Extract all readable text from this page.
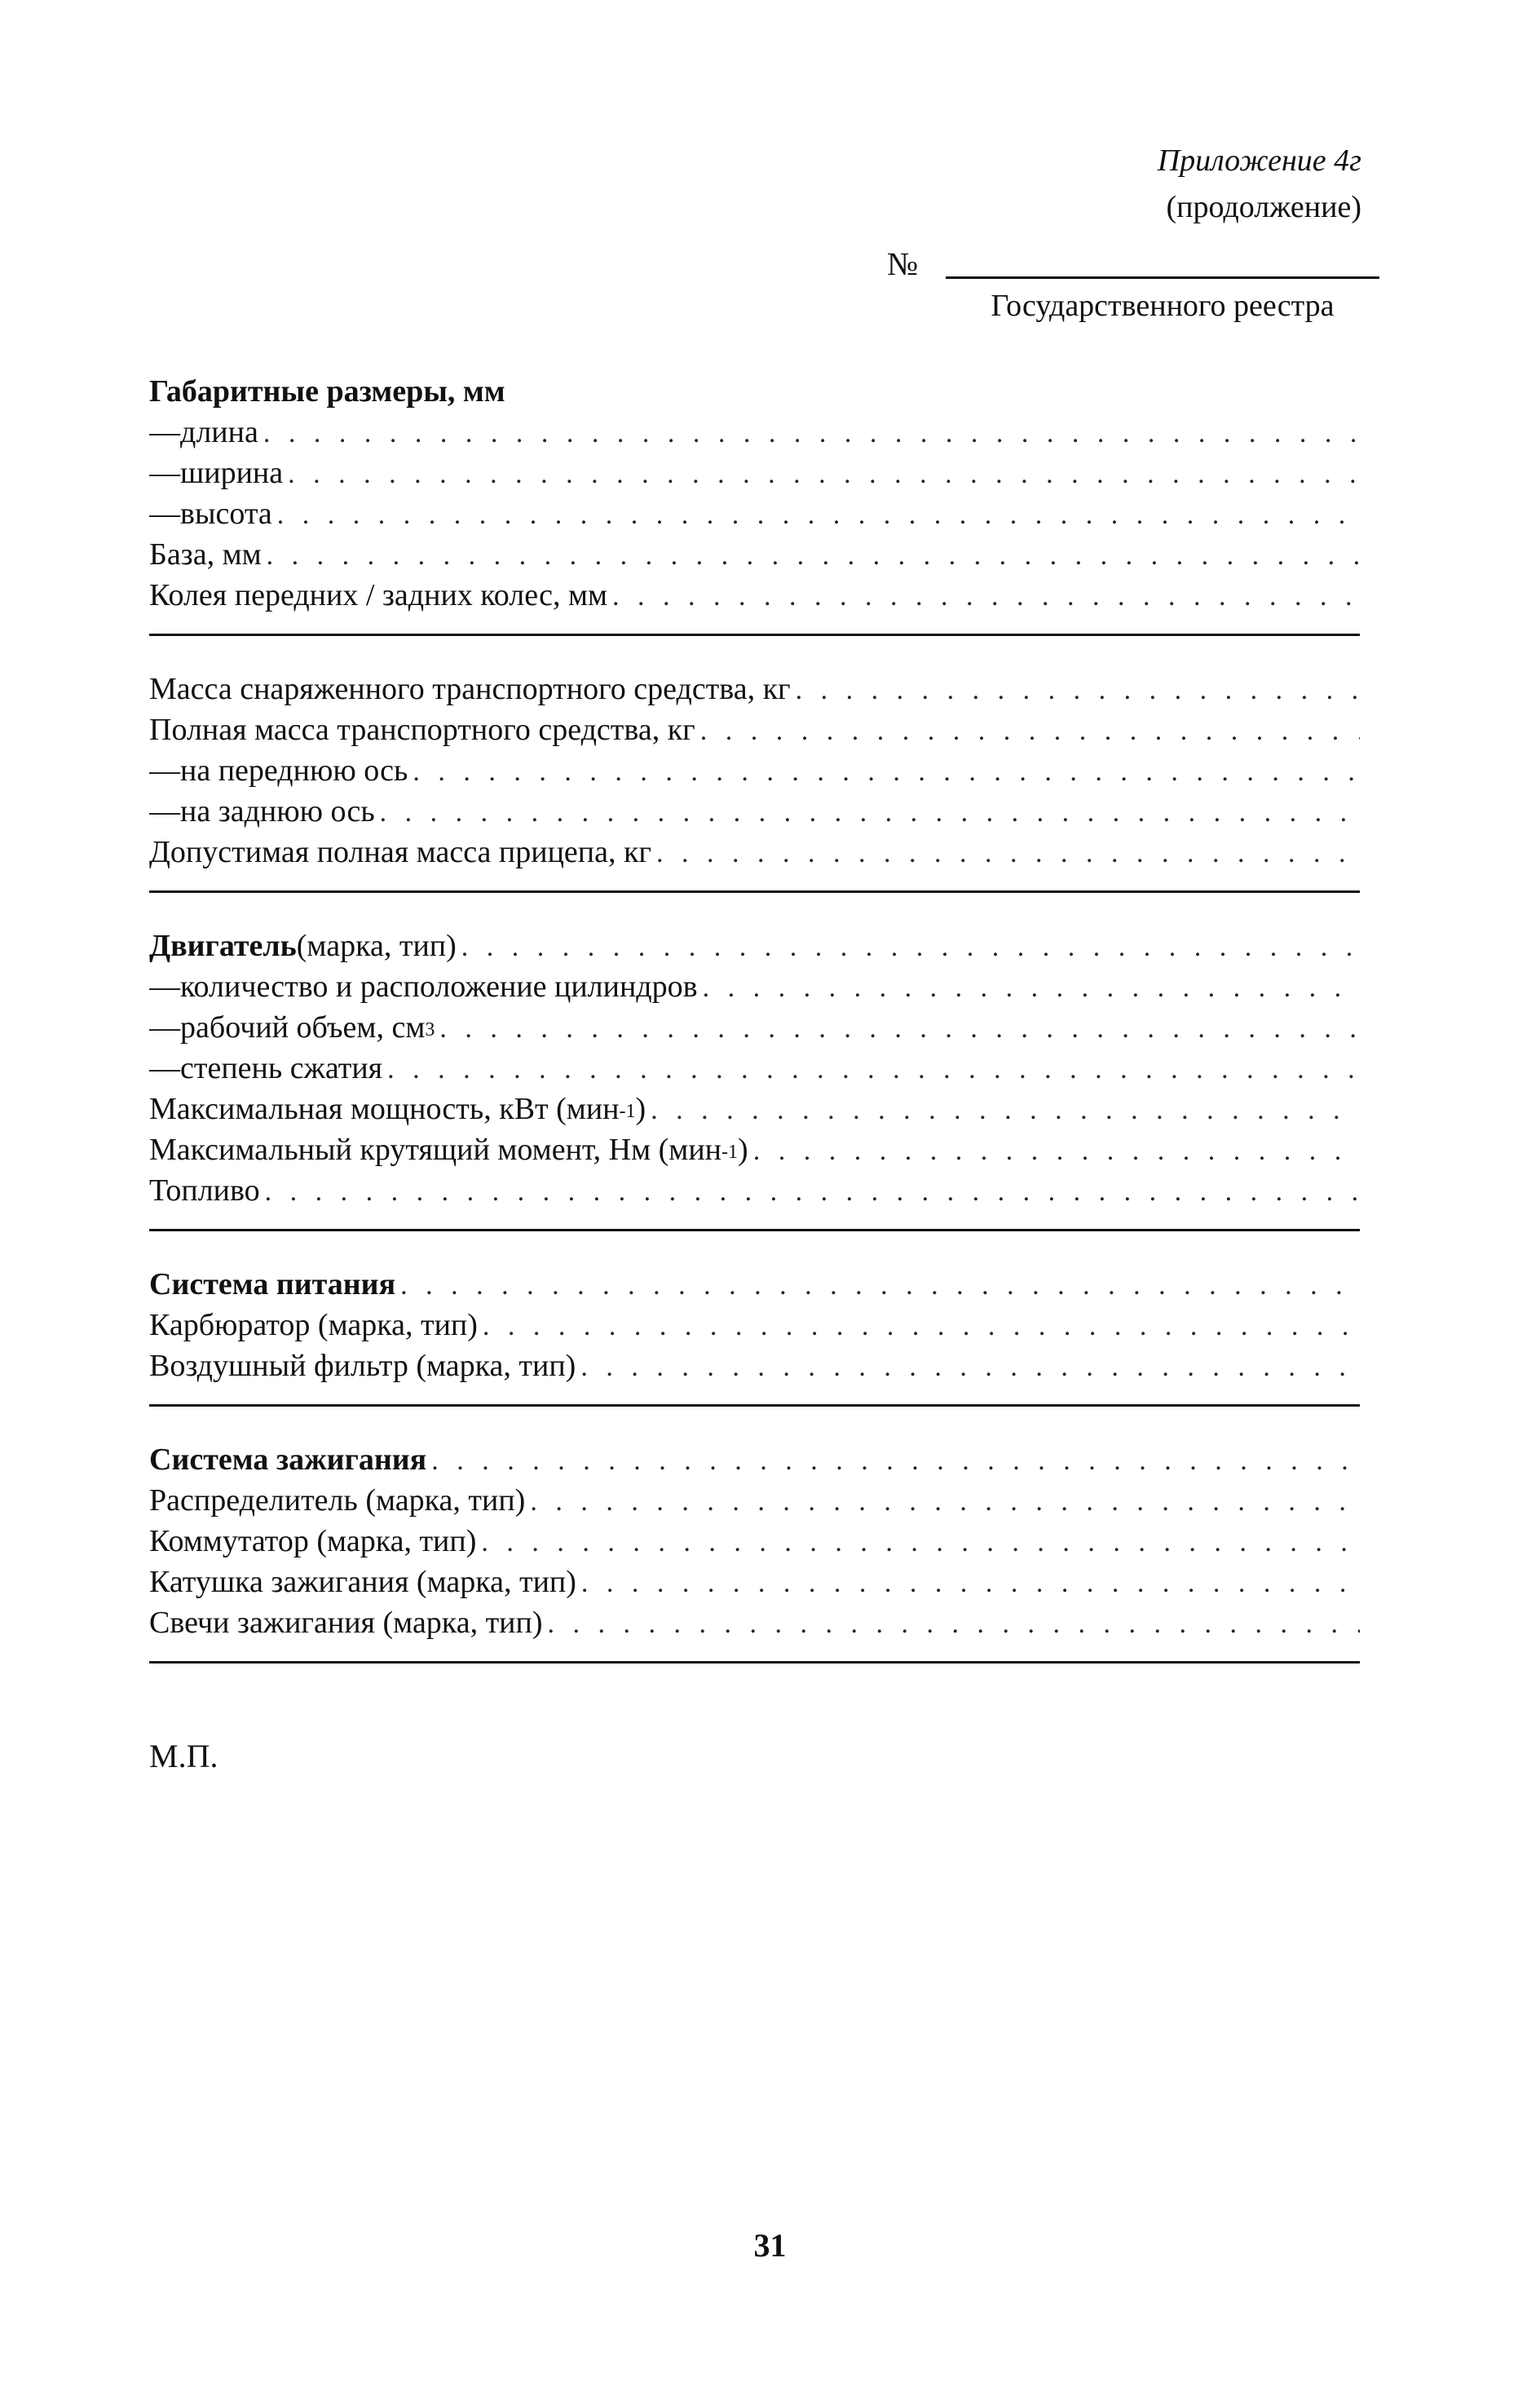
Приложение 4г
(продолжение)
№
Государственного реестра
Габаритные размеры, мм
—длина
. . .
—ширина
. . .
—высота
. . .
База, мм
. . .
Колея передних / задних колес, мм
. . .
Масса снаряженного транспортного средства, кг
. . .
Полная масса транспортного средства, кг
. . .
—на переднюю ось
. . .
—на заднюю ось
. . .
Допустимая полная масса прицепа, кг
. . .
Двигатель (марка, тип)
. . .
—количество и расположение цилиндров
. . .
—рабочий объем, $см^3$
. . .
—степень сжатия
. . .
Максимальная мощность, кВт (мин$^{-1}$ )
. . .
Максимальный крутящий момент, Нм (мин$^{-1}$ )
. . .
Топливо
. . .
Система питания
. . .
Карбюратор (марка, тип)
. . .
Воздушный фильтр (марка, тип)
. . .
Система зажигания
. . .
Распределитель (марка, тип)
. . .
Коммутатор (марка, тип)
. . .
Катушка зажигания (марка, тип)
. . .
Свечи зажигания (марка, тип)
. . .
М.П.
31
